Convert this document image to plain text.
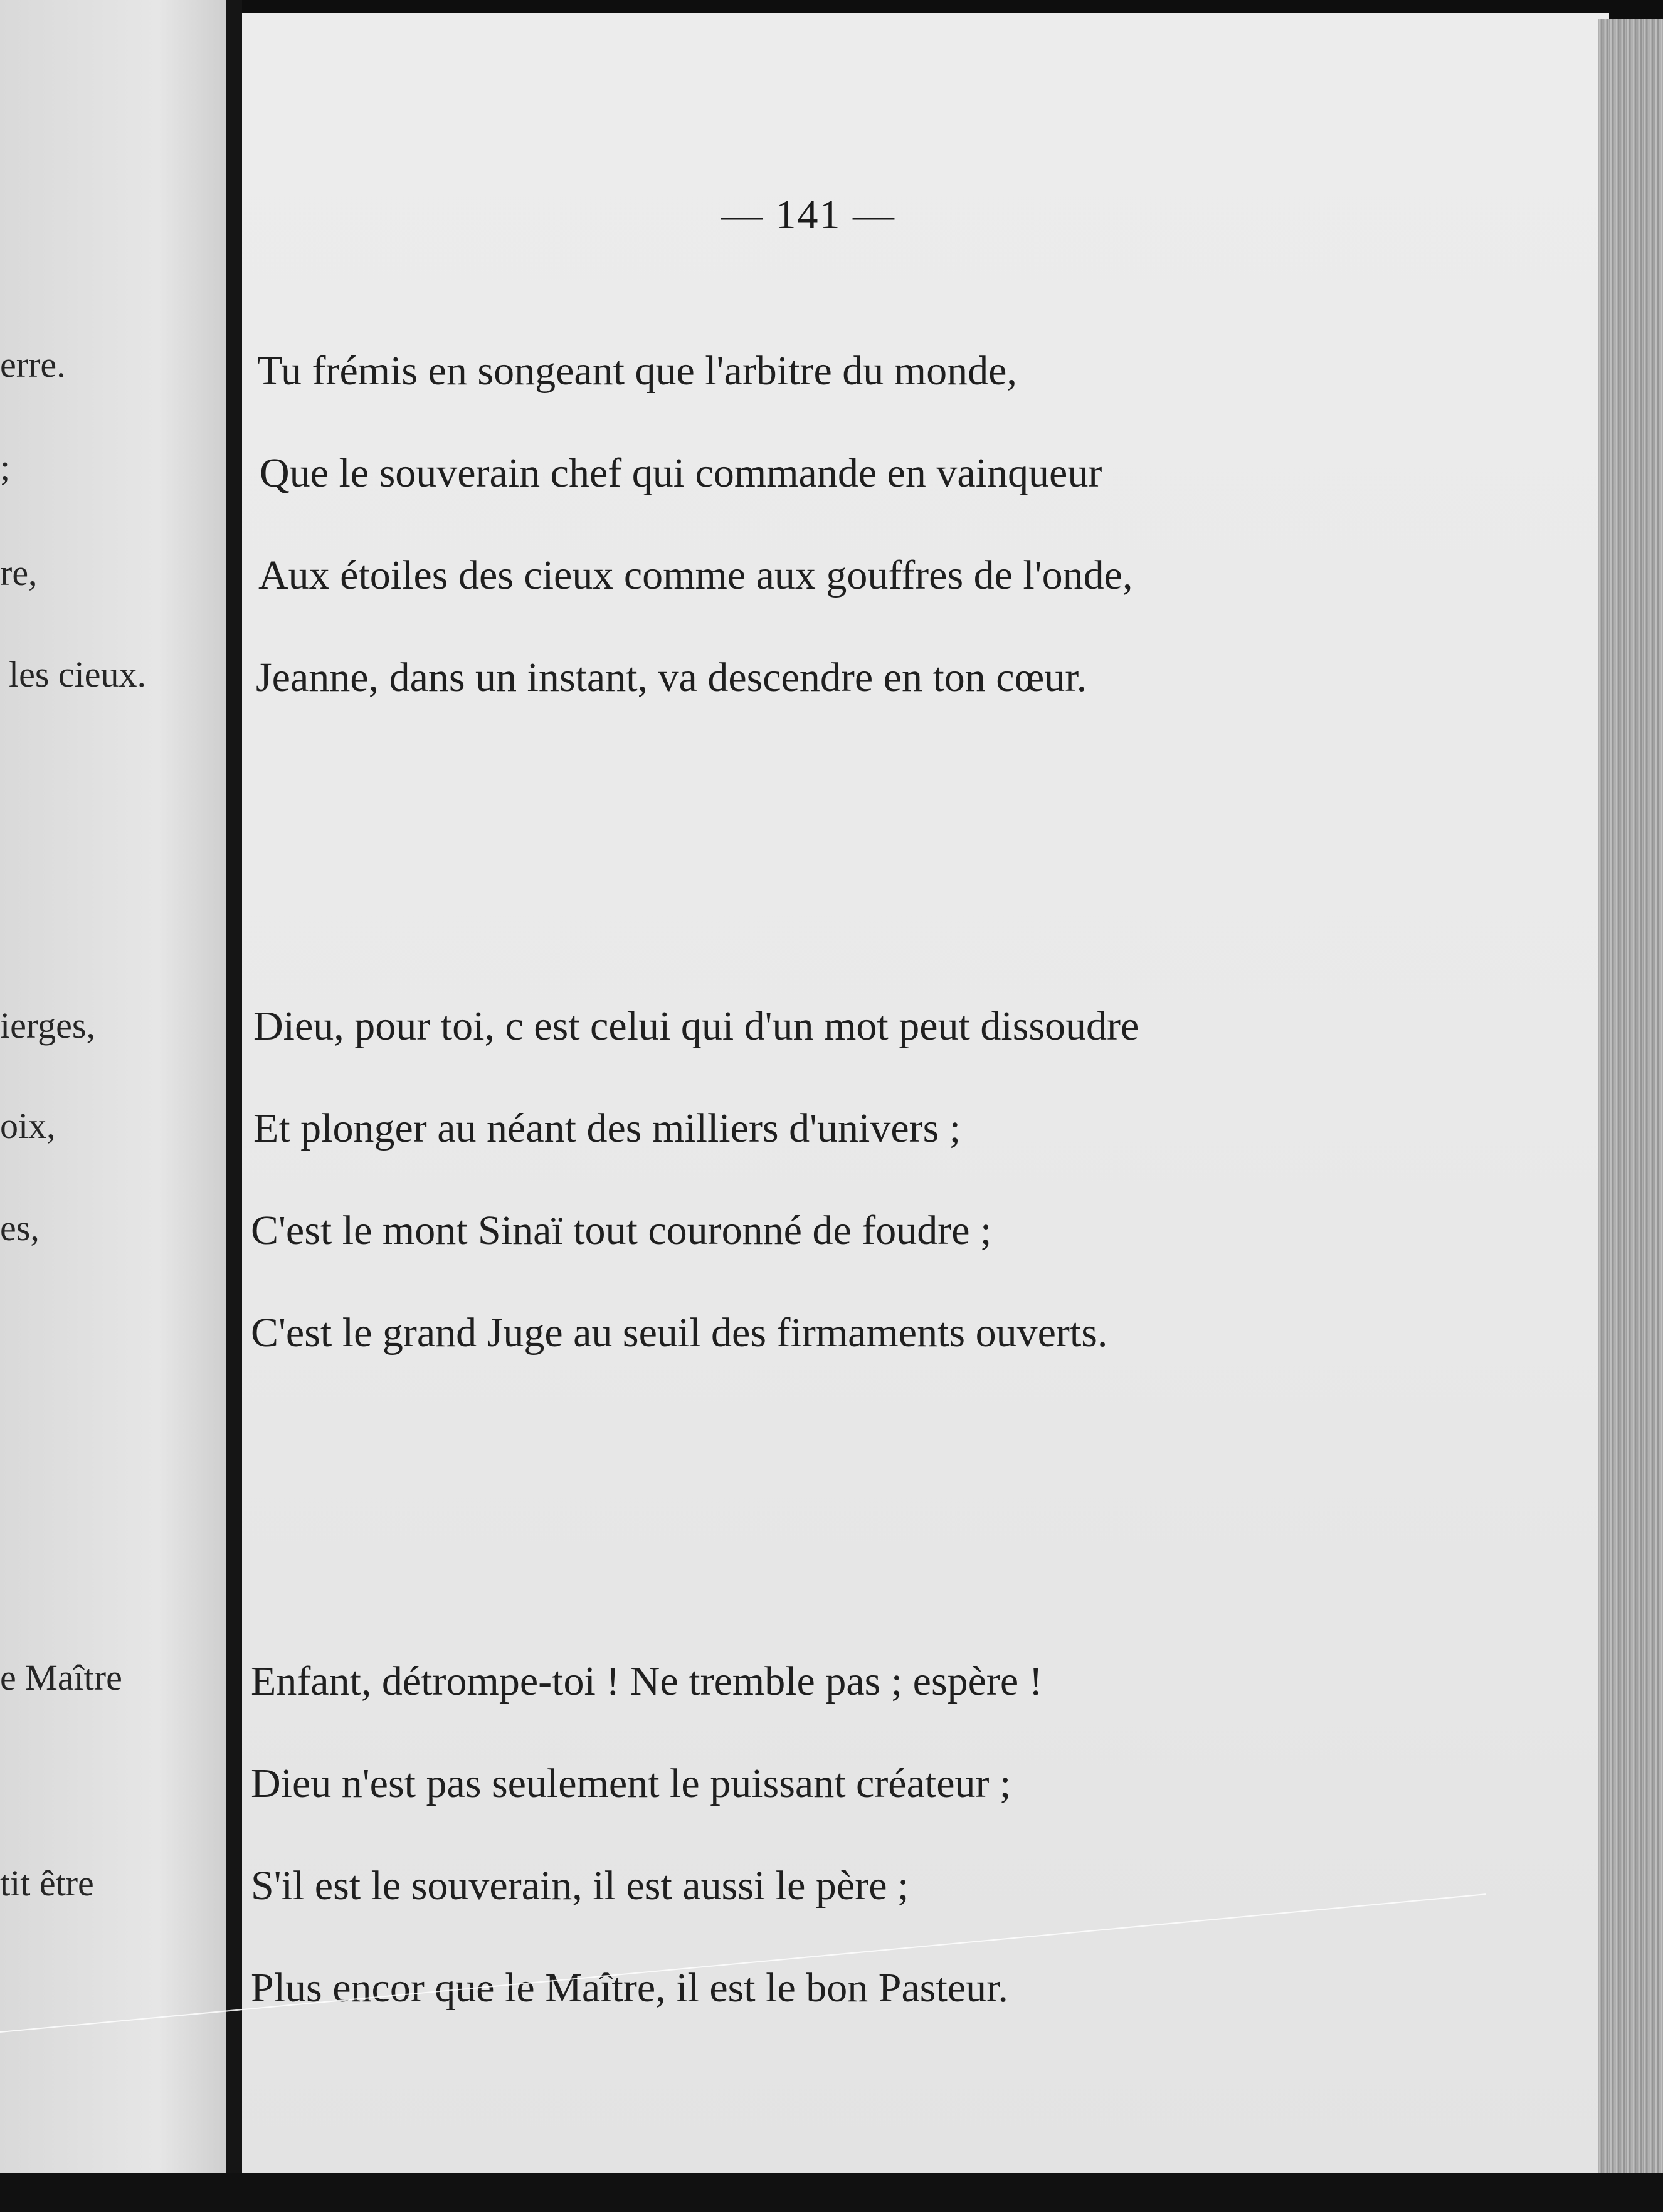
erre.
;
re,
les cieux.
ierges,
oix,
es,
e Maître
tit être
— 141 —
Tu frémis en songeant que l'arbitre du monde,
Que le souverain chef qui commande en vainqueur
Aux étoiles des cieux comme aux gouffres de l'onde,
Jeanne, dans un instant, va descendre en ton cœur.
Dieu, pour toi, c est celui qui d'un mot peut dissoudre
Et plonger au néant des milliers d'univers ;
C'est le mont Sinaï tout couronné de foudre ;
C'est le grand Juge au seuil des firmaments ouverts.
Enfant, détrompe-toi ! Ne tremble pas ; espère !
Dieu n'est pas seulement le puissant créateur ;
S'il est le souverain, il est aussi le père ;
Plus encor que le Maître, il est le bon Pasteur.
